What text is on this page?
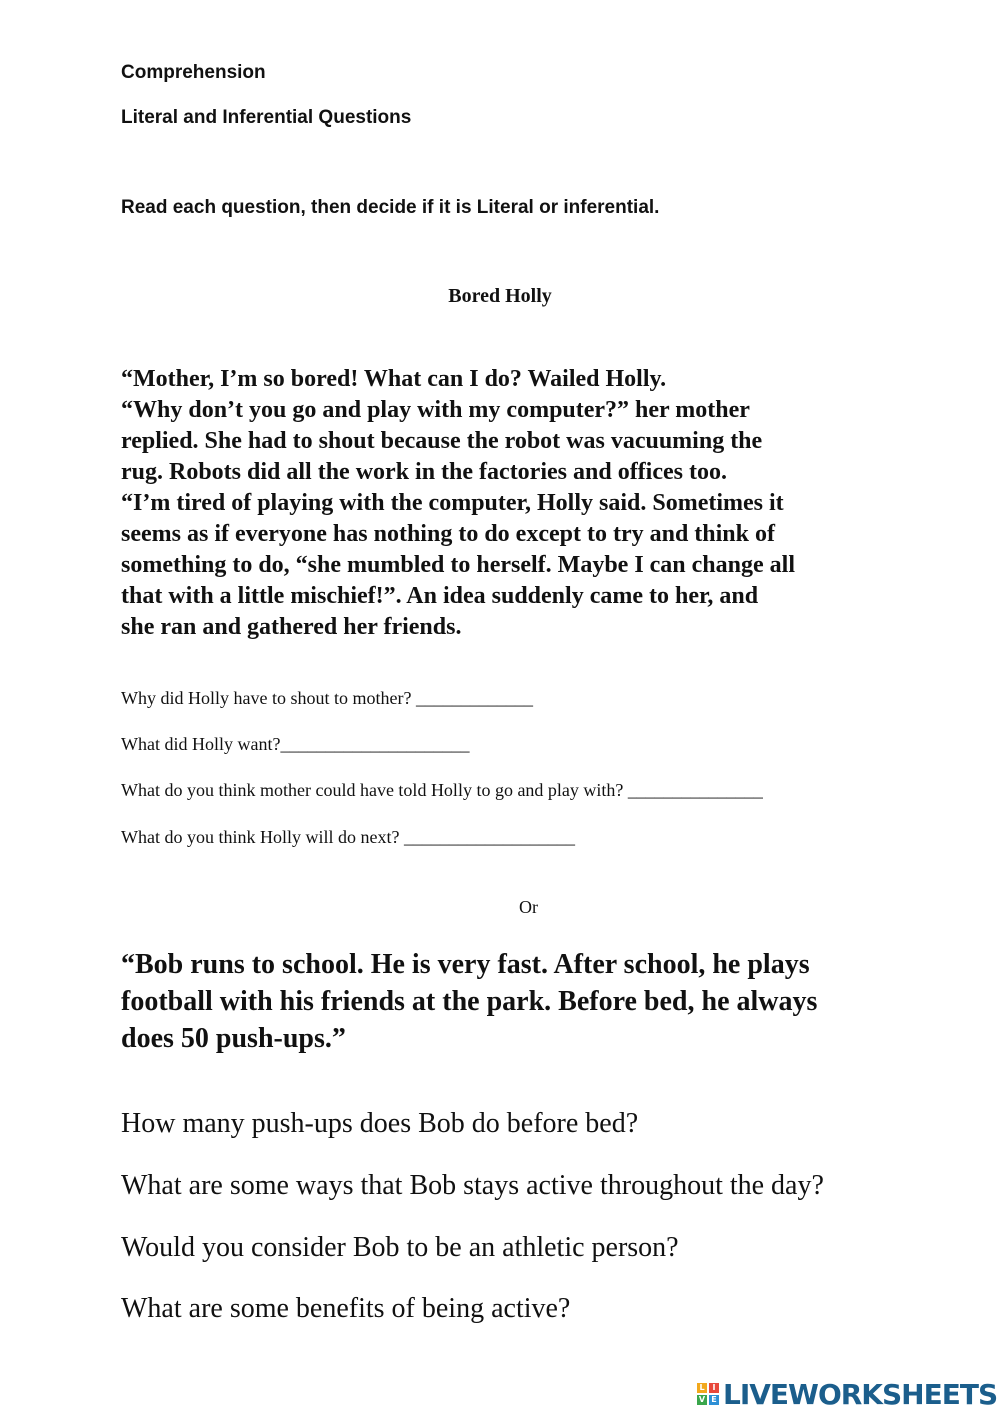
Comprehension
Literal and Inferential Questions

Read each question, then decide if it is Literal or inferential.

Bored Holly
“Mother, I’m so bored! What can I do? Wailed Holly.
“Why don’t you go and play with my computer?” her mother
replied. She had to shout because the robot was vacuuming the
rug. Robots did all the work in the factories and offices too.
“I’m tired of playing with the computer, Holly said. Sometimes it
seems as if everyone has nothing to do except to try and think of
something to do, “she mumbled to herself. Maybe I can change all
that with a little mischief!”. An idea suddenly came to her, and
she ran and gathered her friends.

Why did Holly have to shout to mother? _____________

What did Holly want?_____________________

What do you think mother could have told Holly to go and play with? _______________

What do you think Holly will do next? ___________________

Or

“Bob runs to school. He is very fast. After school, he plays
football with his friends at the park. Before bed, he always
does 50 push-ups.”

How many push-ups does Bob do before bed?

What are some ways that Bob stays active throughout the day?

Would you consider Bob to be an athletic person?

What are some benefits of being active?

L I
V E LIVEWORKSHEETS
